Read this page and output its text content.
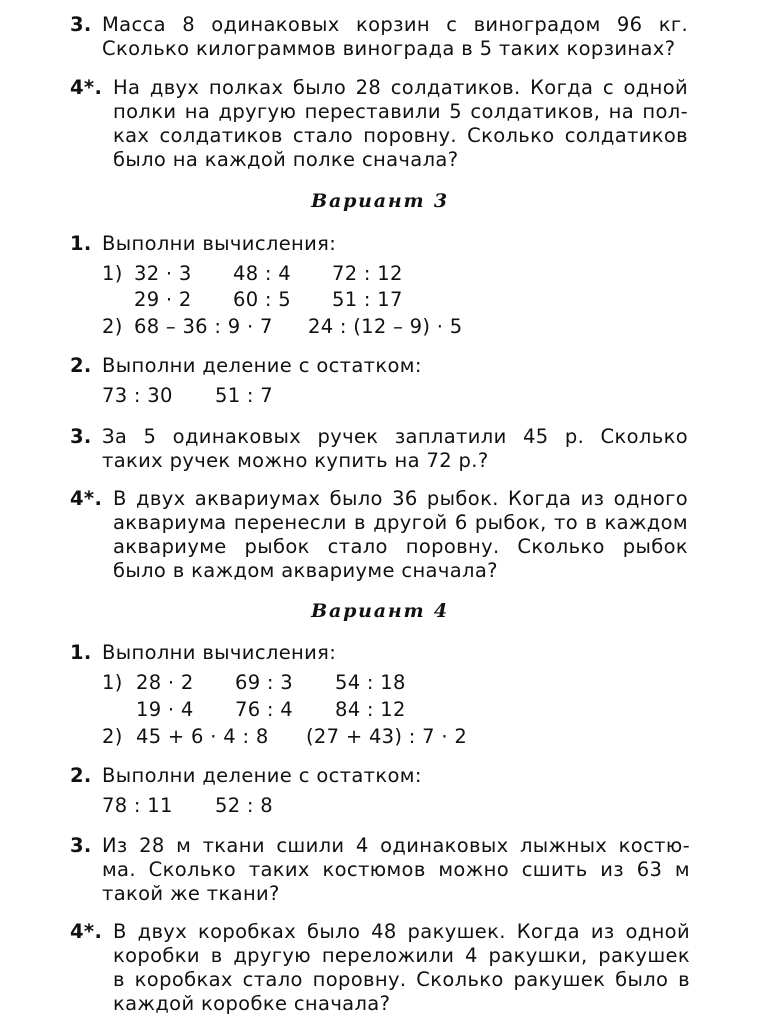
3. Масса 8 одинаковых корзин с виноградом 96 кг.
Сколько килограммов винограда в 5 таких корзинах?
4*. На двух полках было 28 солдатиков. Когда с одной
полки на другую переставили 5 солдатиков, на пол-
ках солдатиков стало поровну. Сколько солдатиков
было на каждой полке сначала?
Вариант 3
1. Выполни вычисления:
1) 32 · 3 48 : 4 72 : 12
29 · 2 60 : 5 51 : 17
2) 68 – 36 : 9 · 7 24 : (12 – 9) · 5
2. Выполни деление с остатком:
73 : 30 51 : 7
3. За 5 одинаковых ручек заплатили 45 р. Сколько
таких ручек можно купить на 72 р.?
4*. В двух аквариумах было 36 рыбок. Когда из одного
аквариума перенесли в другой 6 рыбок, то в каждом
аквариуме рыбок стало поровну. Сколько рыбок
было в каждом аквариуме сначала?
Вариант 4
1. Выполни вычисления:
1) 28 · 2 69 : 3 54 : 18
19 · 4 76 : 4 84 : 12
2) 45 + 6 · 4 : 8 (27 + 43) : 7 · 2
2. Выполни деление с остатком:
78 : 11 52 : 8
3. Из 28 м ткани сшили 4 одинаковых лыжных костю-
ма. Сколько таких костюмов можно сшить из 63 м
такой же ткани?
4*. В двух коробках было 48 ракушек. Когда из одной
коробки в другую переложили 4 ракушки, ракушек
в коробках стало поровну. Сколько ракушек было в
каждой коробке сначала?
